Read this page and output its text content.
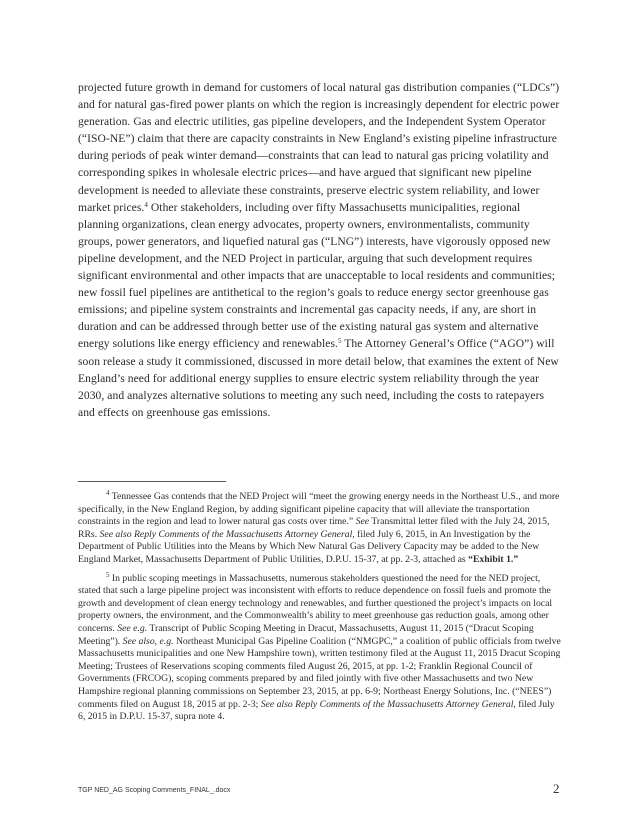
projected future growth in demand for customers of local natural gas distribution companies (“LDCs”) and for natural gas-fired power plants on which the region is increasingly dependent for electric power generation. Gas and electric utilities, gas pipeline developers, and the Independent System Operator (“ISO-NE”) claim that there are capacity constraints in New England’s existing pipeline infrastructure during periods of peak winter demand—constraints that can lead to natural gas pricing volatility and corresponding spikes in wholesale electric prices—and have argued that significant new pipeline development is needed to alleviate these constraints, preserve electric system reliability, and lower market prices.$^4$ Other stakeholders, including over fifty Massachusetts municipalities, regional planning organizations, clean energy advocates, property owners, environmentalists, community groups, power generators, and liquefied natural gas (“LNG”) interests, have vigorously opposed new pipeline development, and the NED Project in particular, arguing that such development requires significant environmental and other impacts that are unacceptable to local residents and communities; new fossil fuel pipelines are antithetical to the region’s goals to reduce energy sector greenhouse gas emissions; and pipeline system constraints and incremental gas capacity needs, if any, are short in duration and can be addressed through better use of the existing natural gas system and alternative energy solutions like energy efficiency and renewables.$^5$ The Attorney General’s Office (“AGO”) will soon release a study it commissioned, discussed in more detail below, that examines the extent of New England’s need for additional energy supplies to ensure electric system reliability through the year 2030, and analyzes alternative solutions to meeting any such need, including the costs to ratepayers and effects on greenhouse gas emissions.
$^4$ Tennessee Gas contends that the NED Project will “meet the growing energy needs in the Northeast U.S., and more specifically, in the New England Region, by adding significant pipeline capacity that will alleviate the transportation constraints in the region and lead to lower natural gas costs over time.” See Transmittal letter filed with the July 24, 2015, RRs. See also Reply Comments of the Massachusetts Attorney General, filed July 6, 2015, in An Investigation by the Department of Public Utilities into the Means by Which New Natural Gas Delivery Capacity may be added to the New England Market, Massachusetts Department of Public Utilities, D.P.U. 15-37, at pp. 2-3, attached as “Exhibit 1.”
$^5$ In public scoping meetings in Massachusetts, numerous stakeholders questioned the need for the NED project, stated that such a large pipeline project was inconsistent with efforts to reduce dependence on fossil fuels and promote the growth and development of clean energy technology and renewables, and further questioned the project’s impacts on local property owners, the environment, and the Commonwealth’s ability to meet greenhouse gas reduction goals, among other concerns. See e.g. Transcript of Public Scoping Meeting in Dracut, Massachusetts, August 11, 2015 (“Dracut Scoping Meeting”). See also, e.g. Northeast Municipal Gas Pipeline Coalition (“NMGPC,” a coalition of public officials from twelve Massachusetts municipalities and one New Hampshire town), written testimony filed at the August 11, 2015 Dracut Scoping Meeting; Trustees of Reservations scoping comments filed August 26, 2015, at pp. 1-2; Franklin Regional Council of Governments (FRCOG), scoping comments prepared by and filed jointly with five other Massachusetts and two New Hampshire regional planning commissions on September 23, 2015, at pp. 6-9; Northeast Energy Solutions, Inc. (“NEES”) comments filed on August 18, 2015 at pp. 2-3; See also Reply Comments of the Massachusetts Attorney General, filed July 6, 2015 in D.P.U. 15-37, supra note 4.
TGP NED_AG Scoping Comments_FINAL_.docx	2
